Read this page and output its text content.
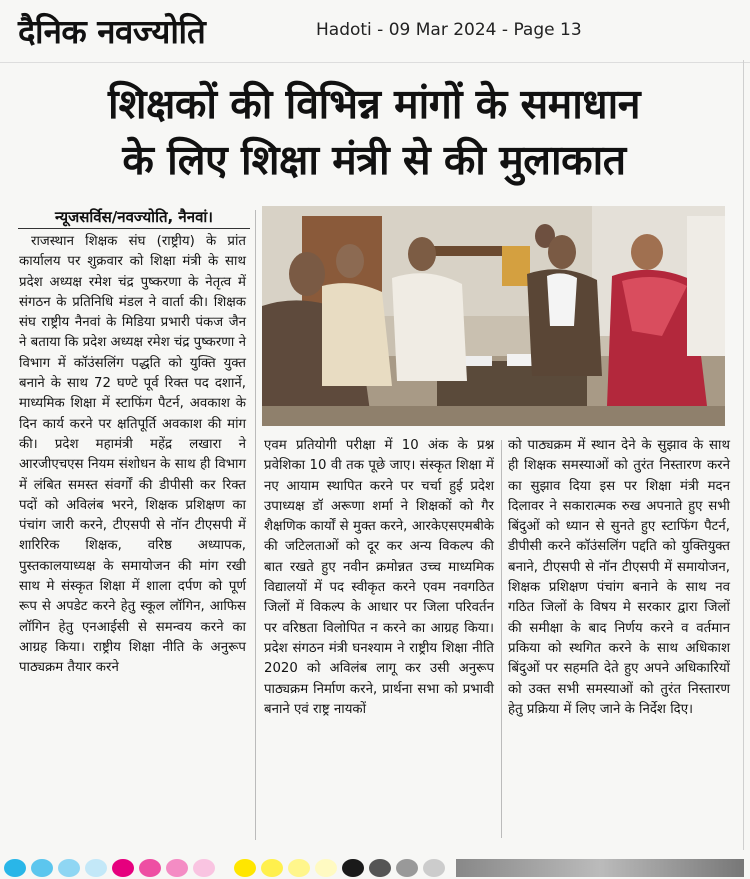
दैनिक नवज्योति	Hadoti - 09 Mar 2024 - Page 13
शिक्षकों की विभिन्न मांगों के समाधान
के लिए शिक्षा मंत्री से की मुलाकात
न्यूजसर्विस/नवज्योति, नैनवां।

राजस्थान शिक्षक संघ (राष्ट्रीय) के प्रांत कार्यालय पर शुक्रवार को शिक्षा मंत्री के साथ प्रदेश अध्यक्ष रमेश चंद्र पुष्करणा के नेतृत्व में संगठन के प्रतिनिधि मंडल ने वार्ता की। शिक्षक संघ राष्ट्रीय नैनवां के मिडिया प्रभारी पंकज जैन ने बताया कि प्रदेश अध्यक्ष रमेश चंद्र पुष्करणा ने विभाग में कॉउंसलिंग पद्धति को युक्ति युक्त बनाने के साथ 72 घण्टे पूर्व रिक्त पद दशार्ने, माध्यमिक शिक्षा में स्टाफिंग पैटर्न, अवकाश के दिन कार्य करने पर क्षतिपूर्ति अवकाश की मांग की। प्रदेश महामंत्री महेंद्र लखारा ने आरजीएचएस नियम संशोधन के साथ ही विभाग में लंबित समस्त संवर्गों की डीपीसी कर रिक्त पदों को अविलंब भरने, शिक्षक प्रशिक्षण का पंचांग जारी करने, टीएसपी से नॉन टीएसपी में शारिरिक शिक्षक, वरिष्ठ अध्यापक, पुस्तकालयाध्यक्ष के समायोजन की मांग रखी साथ मे संस्कृत शिक्षा में शाला दर्पण को पूर्ण रूप से अपडेट करने हेतु स्कूल लॉगिन, आफिस लॉगिन हेतु एनआईसी से समन्वय करने का आग्रह किया। राष्ट्रीय शिक्षा नीति के अनुरूप पाठ्यक्रम तैयार करने

एवम प्रतियोगी परीक्षा में 10 अंक के प्रश्न प्रवेशिका 10 वी तक पूछे जाए। संस्कृत शिक्षा में नए आयाम स्थापित करने पर चर्चा हुई प्रदेश उपाध्यक्ष डॉ अरूणा शर्मा ने शिक्षकों को गैर शैक्षणिक कार्यों से मुक्त करने, आरकेएसएमबीके की जटिलताओं को दूर कर अन्य विकल्प की बात रखते हुए नवीन क्रमोन्नत उच्च माध्यमिक विद्यालयों में पद स्वीकृत करने एवम नवगठित जिलों में विकल्प के आधार पर जिला परिवर्तन पर वरिष्ठता विलोपित न करने का आग्रह किया। प्रदेश संगठन मंत्री घनश्याम ने राष्ट्रीय शिक्षा नीति 2020 को अविलंब लागू कर उसी अनुरूप पाठ्यक्रम निर्माण करने, प्रार्थना सभा को प्रभावी बनाने एवं राष्ट्र नायकों

को पाठ्यक्रम में स्थान देने के सुझाव के साथ ही शिक्षक समस्याओं को तुरंत निस्तारण करने का सुझाव दिया इस पर शिक्षा मंत्री मदन दिलावर ने सकारात्मक रुख अपनाते हुए सभी बिंदुओं को ध्यान से सुनते हुए स्टाफिंग पैटर्न, डीपीसी करने कॉउंसलिंग पद्दति को युक्तियुक्त बनाने, टीएसपी से नॉन टीएसपी में समायोजन, शिक्षक प्रशिक्षण पंचांग बनाने के साथ नव गठित जिलों के विषय मे सरकार द्वारा जिलों की समीक्षा के बाद निर्णय करने व वर्तमान प्रकिया को स्थगित करने के साथ अधिकाश बिंदुओं पर सहमति देते हुए अपने अधिकारियों को उक्त सभी समस्याओं को तुरंत निस्तारण हेतु प्रक्रिया में लिए जाने के निर्देश दिए।
